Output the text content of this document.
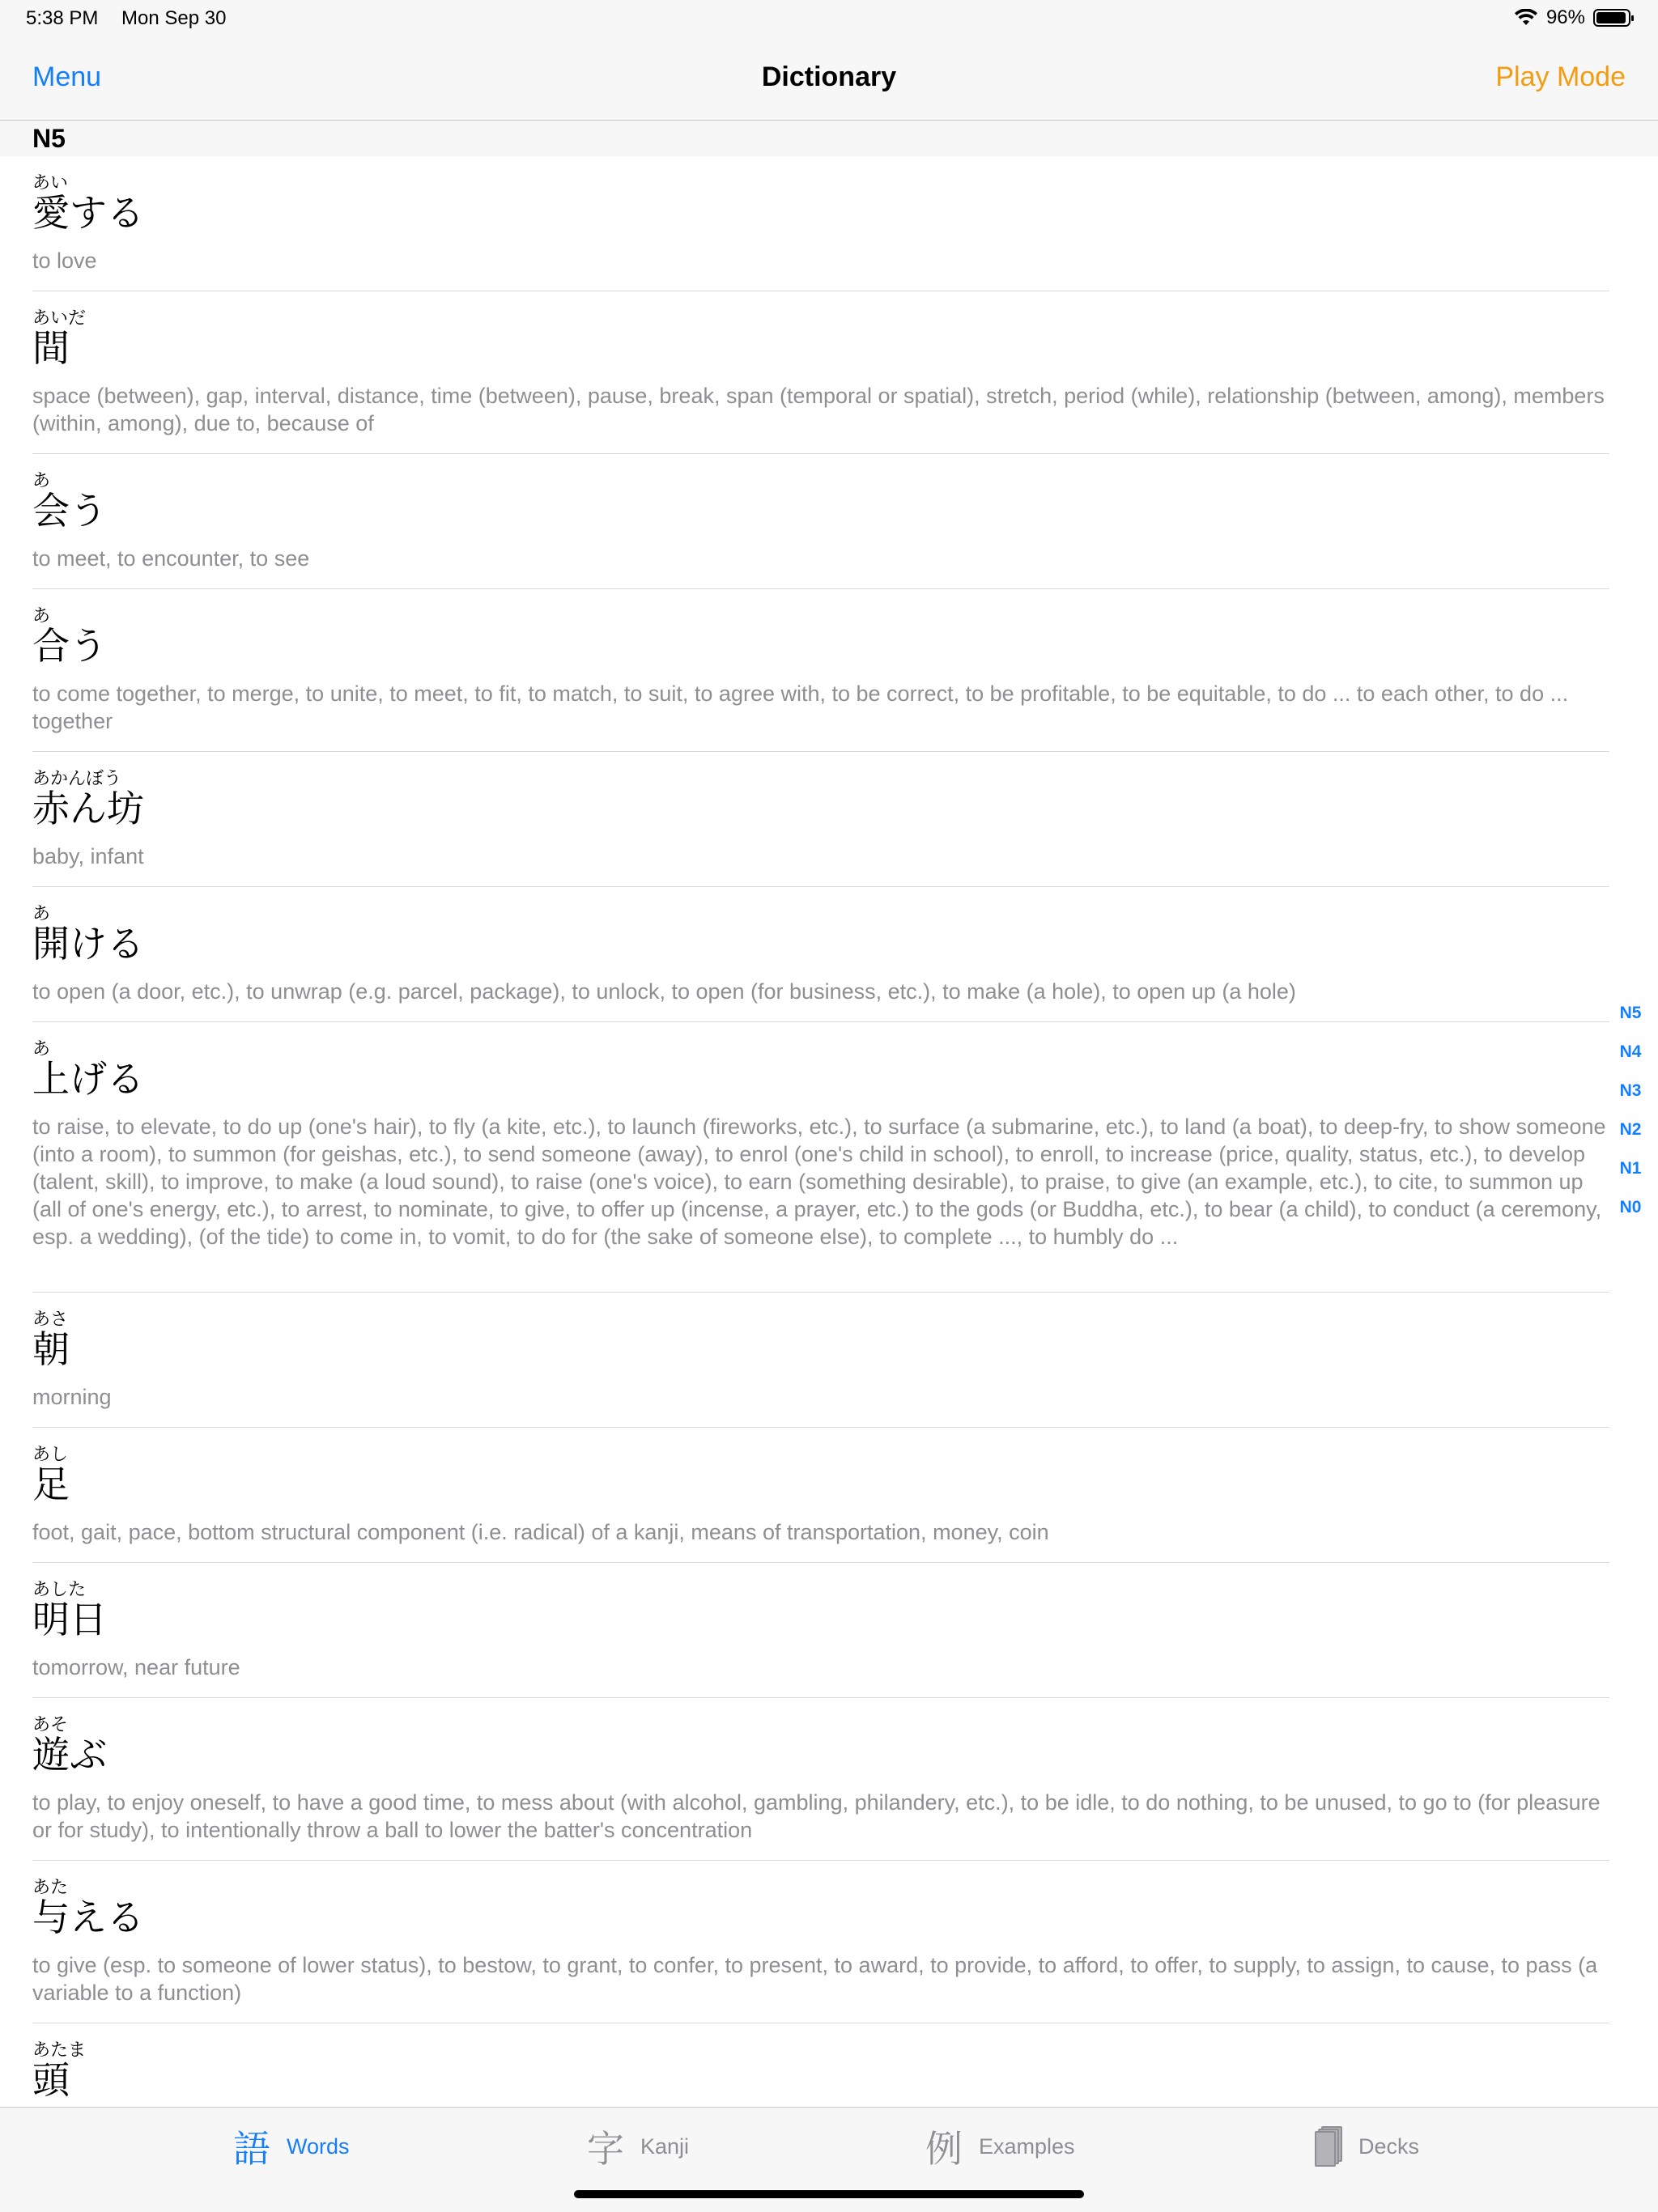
5:38 PM Mon Sep 30	96%
Menu	Dictionary	Play Mode
N5
あい
愛する
to love
あいだ
間
space (between), gap, interval, distance, time (between), pause, break, span (temporal or spatial), stretch, period (while), relationship (between, among), members (within, among), due to, because of
あ
会う
to meet, to encounter, to see
あ
合う
to come together, to merge, to unite, to meet, to fit, to match, to suit, to agree with, to be correct, to be profitable, to be equitable, to do ... to each other, to do ... together
あかんぼう
赤ん坊
baby, infant
あ
開ける
to open (a door, etc.), to unwrap (e.g. parcel, package), to unlock, to open (for business, etc.), to make (a hole), to open up (a hole)
あ
上げる
to raise, to elevate, to do up (one's hair), to fly (a kite, etc.), to launch (fireworks, etc.), to surface (a submarine, etc.), to land (a boat), to deep-fry, to show someone (into a room), to summon (for geishas, etc.), to send someone (away), to enrol (one's child in school), to enroll, to increase (price, quality, status, etc.), to develop (talent, skill), to improve, to make (a loud sound), to raise (one's voice), to earn (something desirable), to praise, to give (an example, etc.), to cite, to summon up (all of one's energy, etc.), to arrest, to nominate, to give, to offer up (incense, a prayer, etc.) to the gods (or Buddha, etc.), to bear (a child), to conduct (a ceremony, esp. a wedding), (of the tide) to come in, to vomit, to do for (the sake of someone else), to complete ..., to humbly do ...
あさ
朝
morning
あし
足
foot, gait, pace, bottom structural component (i.e. radical) of a kanji, means of transportation, money, coin
あした
明日
tomorrow, near future
あそ
遊ぶ
to play, to enjoy oneself, to have a good time, to mess about (with alcohol, gambling, philandery, etc.), to be idle, to do nothing, to be unused, to go to (for pleasure or for study), to intentionally throw a ball to lower the batter's concentration
あた
与える
to give (esp. to someone of lower status), to bestow, to grant, to confer, to present, to award, to provide, to afford, to offer, to supply, to assign, to cause, to pass (a variable to a function)
あたま
頭
N5
N4
N3
N2
N1
N0
語 Words	字 Kanji	例 Examples	Decks
